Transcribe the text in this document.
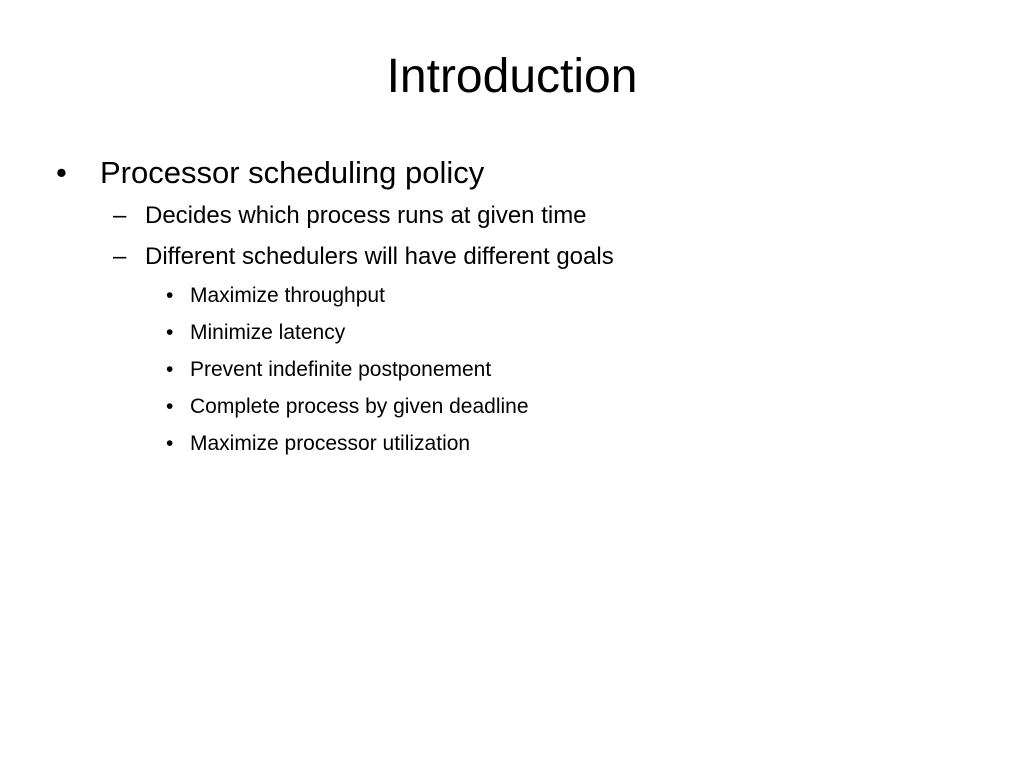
Introduction
• Processor scheduling policy
– Decides which process runs at given time
– Different schedulers will have different goals
• Maximize throughput
• Minimize latency
• Prevent indefinite postponement
• Complete process by given deadline
• Maximize processor utilization
